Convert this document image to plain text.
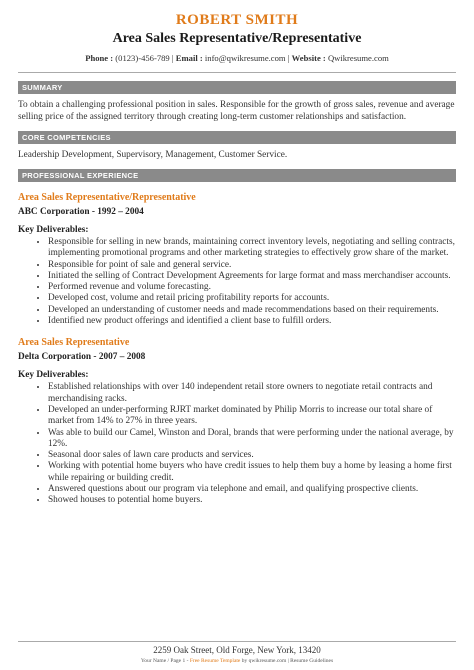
ROBERT SMITH
Area Sales Representative/Representative
Phone : (0123)-456-789 | Email : info@qwikresume.com | Website : Qwikresume.com
SUMMARY
To obtain a challenging professional position in sales. Responsible for the growth of gross sales, revenue and average selling price of the assigned territory through creating long-term customer relationships and satisfaction.
CORE COMPETENCIES
Leadership Development, Supervisory, Management, Customer Service.
PROFESSIONAL EXPERIENCE
Area Sales Representative/Representative
ABC Corporation - 1992 – 2004
Key Deliverables:
• Responsible for selling in new brands, maintaining correct inventory levels, negotiating and selling contracts, implementing promotional programs and other marketing strategies to effectively grow share of the market.
• Responsible for point of sale and general service.
• Initiated the selling of Contract Development Agreements for large format and mass merchandiser accounts.
• Performed revenue and volume forecasting.
• Developed cost, volume and retail pricing profitability reports for accounts.
• Developed an understanding of customer needs and made recommendations based on their requirements.
• Identified new product offerings and identified a client base to fulfill orders.
Area Sales Representative
Delta Corporation - 2007 – 2008
Key Deliverables:
• Established relationships with over 140 independent retail store owners to negotiate retail contracts and merchandising racks.
• Developed an under-performing RJRT market dominated by Philip Morris to increase our total share of market from 14% to 27% in three years.
• Was able to build our Camel, Winston and Doral, brands that were performing under the national average, by 12%.
• Seasonal door sales of lawn care products and services.
• Working with potential home buyers who have credit issues to help them buy a home by leasing a home first while repairing or building credit.
• Answered questions about our program via telephone and email, and qualifying prospective clients.
• Showed houses to potential home buyers.
2259 Oak Street, Old Forge, New York, 13420
Your Name / Page 1 - Free Resume Template by qwikresume.com | Resume Guidelines
